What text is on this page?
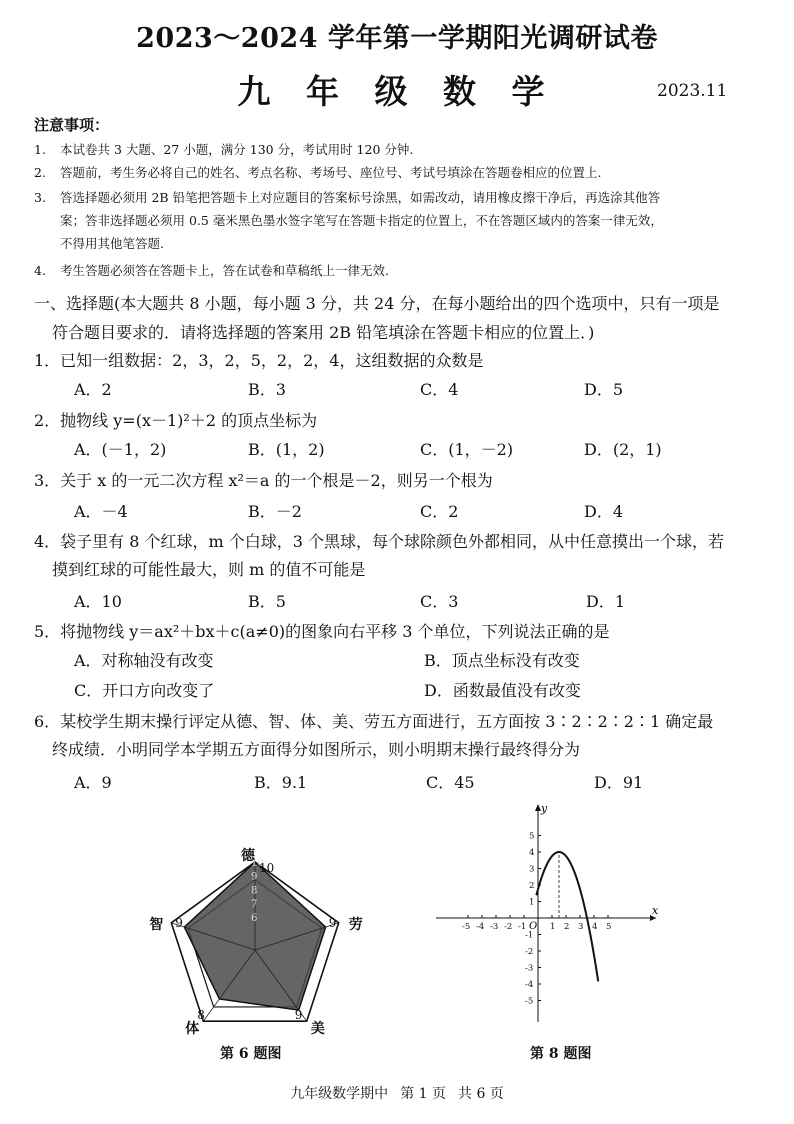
2023～2024 学年第一学期阳光调研试卷
九 年 级 数 学	2023.11
注意事项：
1. 本试卷共 3 大题、27 小题，满分 130 分，考试用时 120 分钟.
2. 答题前，考生务必将自己的姓名、考点名称、考场号、座位号、考试号填涂在答题卷相应的位置上.
3. 答选择题必须用 2B 铅笔把答题卡上对应题目的答案标号涂黑，如需改动，请用橡皮擦干净后，再选涂其他答
案；答非选择题必须用 0.5 毫米黑色墨水签字笔写在答题卡指定的位置上，不在答题区域内的答案一律无效，
不得用其他笔答题.
4. 考生答题必须答在答题卡上，答在试卷和草稿纸上一律无效.
一、选择题(本大题共 8 小题，每小题 3 分，共 24 分，在每小题给出的四个选项中，只有一项是
符合题目要求的．请将选择题的答案用 2B 铅笔填涂在答题卡相应的位置上．)
1．已知一组数据：2，3，2，5，2，2，4，这组数据的众数是
A．2	B．3	C．4	D．5
2．抛物线 y=(x－1)²＋2 的顶点坐标为
A．(－1，2)	B．(1，2)	C．(1，－2)	D．(2，1)
3．关于 x 的一元二次方程 x²＝a 的一个根是－2，则另一个根为
A．－4	B．－2	C．2	D．4
4．袋子里有 8 个红球，m 个白球，3 个黑球，每个球除颜色外都相同，从中任意摸出一个球，若
摸到红球的可能性最大，则 m 的值不可能是
A．10	B．5	C．3	D．1
5．将抛物线 y＝ax²＋bx＋c(a≠0)的图象向右平移 3 个单位，下列说法正确的是
A．对称轴没有改变	B．顶点坐标没有改变
C．开口方向改变了	D．函数最值没有改变
6．某校学生期末操行评定从德、智、体、美、劳五方面进行，五方面按 3∶2∶2∶2∶1 确定最
终成绩．小明同学本学期五方面得分如图所示，则小明期末操行最终得分为
A．9	B．9.1	C．45	D．91
10
9
8
7
6
德
劳
美
体
智
10
9
9
8
9
第 6 题图
-5 -4 -3 -2 -1	1 2 3 4 5
5
4
3
2
1
-1
-2
-3
-4
-5
x
y
O
第 8 题图
九年级数学期中 第 1 页 共 6 页
